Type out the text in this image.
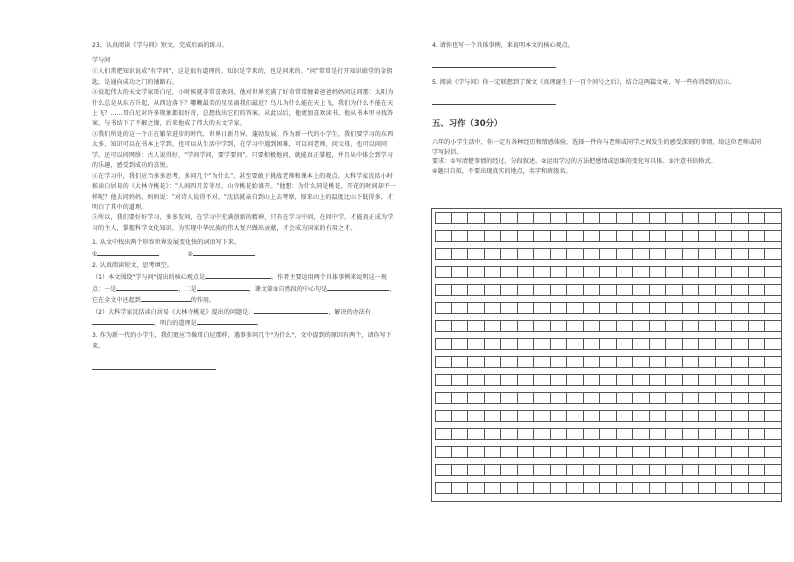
23、认真阅读《学与问》短文，完成后面的练习。

学与问

①人们常把知识说成"有学问"，这是很有道理的。知识是学来的，也是问来的。"问"常常是打开知识殿堂的金钥匙，是通向成功之门的铺路石。

②说起伟大的天文学家哥白尼，小时候就非常喜欢问。他对世界充满了好奇常常缠着爸爸妈妈问这问那：太阳为什么总是从东方升起，从西边落下？哪颗最美的星星离我们最近？鸟儿为什么能在天上飞，我们为什么不能在天上飞？……哥白尼对许多现象都很好奇，总想找出它们的答案。从此以后，他更加喜欢读书，他从书本里寻找答案，与书结下了不解之缘，后来他成了伟大的天文学家。

③我们所处的这一个正在繁荣进步的时代，世界日新月异，蓬勃发展。作为新一代的小学生，我们要学习的东西太多，知识可以在书本上学到，也可以从生活中学到，在学习中遇到困难，可以问老师，问父母，也可以问同学。还可以问网络：古人说得好，"学问学问，要学要问"。只要积极地问，就能真正掌握，并且从中体会到学习的乐趣，感受到成功的喜悦。

④在学习中，我们应当多多思考，多问几个"为什么"，甚至要敢于挑战老师和课本上的观点。大科学家沈括小时候读白居易的《大林寺桃花》："人间四月芳菲尽，山寺桃花始盛开。"他想：为什么同是桃花，开花的时间却不一样呢？他去问妈妈，妈妈说："对诗人说得不对。"沈括就亲自到山上去考察，原来山上的温度比山下低得多，才明白了其中的道理。

⑤所以，我们要好好学习，多多发问，在学习中充满创新的精神，只有在学习中问，在问中学，才能真正成为学习的主人，掌握科学文化知识，为实现中华民族的伟大复兴做出贡献，才会成为国家的有用之才。

1. 从文中找出两个形容世界发展变化快的词语写下来。

①	②

2. 认真阅读短文，思考填空。

（1）本文围绕"学与问"提出的核心观点是	。作者主要运用两个具体事例来说明这一观点：一是	，二是	，课文第⑤自然段的中心句是	，它在全文中还起到	的作用。

（2）大科学家沈括读白居易《大林寺桃花》提出的问题是：	，解决的办法有，明白的道理是	。

3. 作为新一代的小学生，我们更应当像哥白尼那样，遇事多问几个"为什么"，文中提到的原因有两个，请你写下来。

4. 请你也写一个具体事例，来说明本文的核心观点。

5. 阅读《学与问》你一定联想到了课文《真理诞生于一百个问号之后》，结合这两篇文章，写一些你得到的启示。

五、习作（30分）

六年的小学生活中，你一定有各种经历和情感体验，选择一件你与老师或同学之间发生的感受深刻的事情，给这位老师或同学写封信。

要求：①写清楚事情的经过，分段叙述。②运用学过的方法把感情或思维的变化写具体。③注意书信格式。

④题目自拟，不要出现真实的地点，名字和班级名。
